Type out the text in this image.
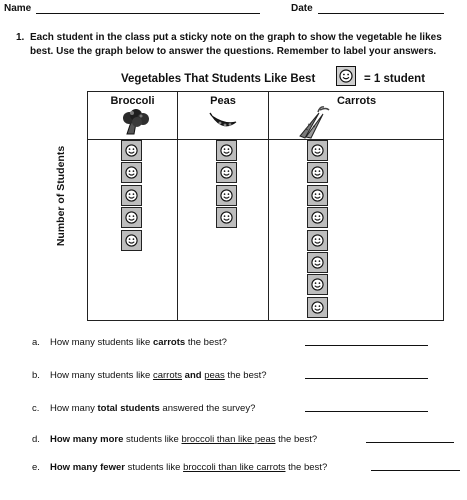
Name	Date
1. Each student in the class put a sticky note on the graph to show the vegetable he likes best. Use the graph below to answer the questions. Remember to label your answers.
Vegetables That Students Like Best	= 1 student
Number of Students
Broccoli	Peas	Carrots
a. How many students like carrots the best?
b. How many students like carrots and peas the best?
c. How many total students answered the survey?
d. How many more students like broccoli than like peas the best?
e. How many fewer students like broccoli than like carrots the best?
